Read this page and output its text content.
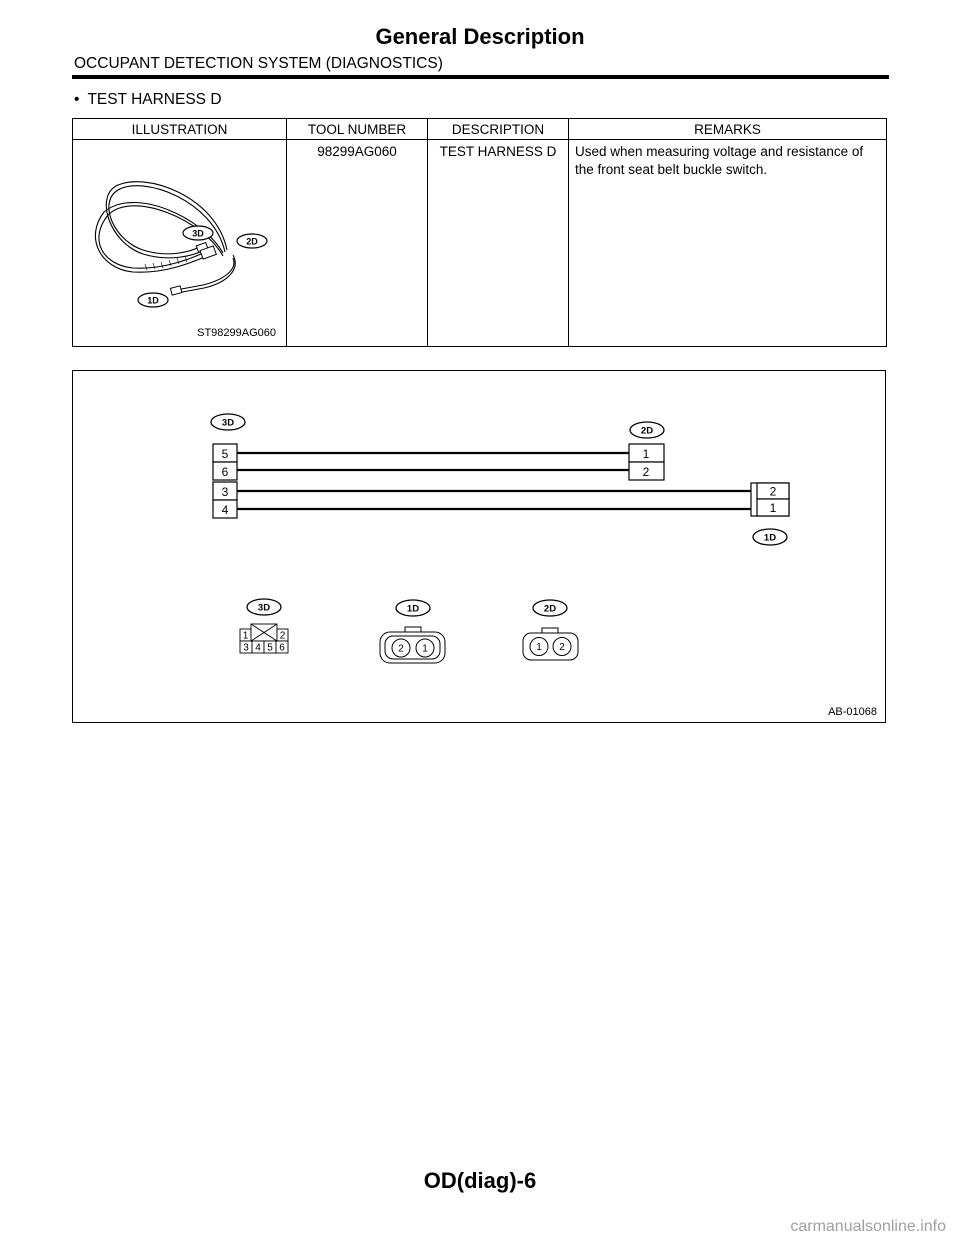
General Description
OCCUPANT DETECTION SYSTEM (DIAGNOSTICS)
• TEST HARNESS D
ILLUSTRATION	TOOL NUMBER	DESCRIPTION	REMARKS

3D
2D
1D
ST98299AG060	98299AG060	TEST HARNESS D	Used when measuring voltage and resistance of the front seat belt buckle switch.
5
6
3
4
1
2
2
1
3D
2D
1D
3D
1	2
3 4 5 6
1D
2 1
2D
1 2
AB-01068
OD(diag)-6
carmanualsonline.info
